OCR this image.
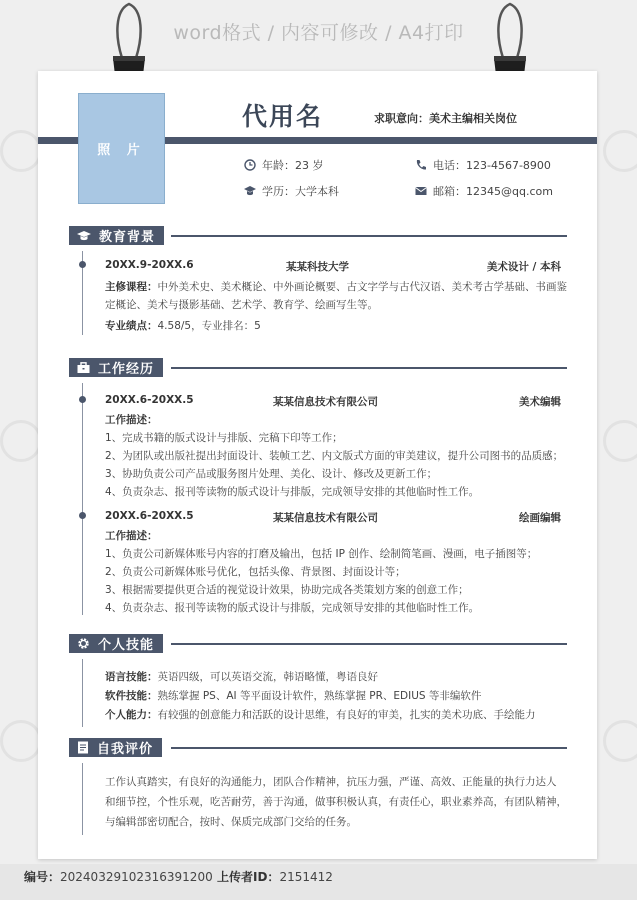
word格式 / 内容可修改 / A4打印
照 片
代用名	求职意向：美术主编相关岗位
年龄：23 岁	电话：123-4567-8900
学历：大学本科	邮箱：12345@qq.com
教育背景
20XX.9-20XX.6	某某科技大学	美术设计 / 本科
主修课程：中外美术史、美术概论、中外画论概要、古文字学与古代汉语、美术考古学基础、书画鉴
定概论、美术与摄影基础、艺术学、教育学、绘画写生等。
专业绩点：4.58/5，专业排名：5
工作经历
20XX.6-20XX.5	某某信息技术有限公司	美术编辑
工作描述：
1、完成书籍的版式设计与排版、完稿下印等工作；
2、为团队或出版社提出封面设计、装帧工艺、内文版式方面的审美建议，提升公司图书的品质感；
3、协助负责公司产品或服务图片处理、美化、设计、修改及更新工作；
4、负责杂志、报刊等读物的版式设计与排版，完成领导安排的其他临时性工作。
20XX.6-20XX.5	某某信息技术有限公司	绘画编辑
工作描述：
1、负责公司新媒体账号内容的打磨及输出，包括 IP 创作、绘制简笔画、漫画，电子插图等；
2、负责公司新媒体账号优化，包括头像、背景图、封面设计等；
3、根据需要提供更合适的视觉设计效果，协助完成各类策划方案的创意工作；
4、负责杂志、报刊等读物的版式设计与排版，完成领导安排的其他临时性工作。
个人技能
语言技能：英语四级，可以英语交流，韩语略懂，粤语良好
软件技能：熟练掌握 PS、AI 等平面设计软件，熟练掌握 PR、EDIUS 等非编软件
个人能力：有较强的创意能力和活跃的设计思维，有良好的审美，扎实的美术功底、手绘能力
自我评价
工作认真踏实，有良好的沟通能力，团队合作精神，抗压力强，严谨、高效、正能量的执行力达人
和细节控，个性乐观，吃苦耐劳，善于沟通，做事积极认真，有责任心，职业素养高，有团队精神，
与编辑部密切配合，按时、保质完成部门交给的任务。
编号：20240329102316391200 上传者ID：2151412
